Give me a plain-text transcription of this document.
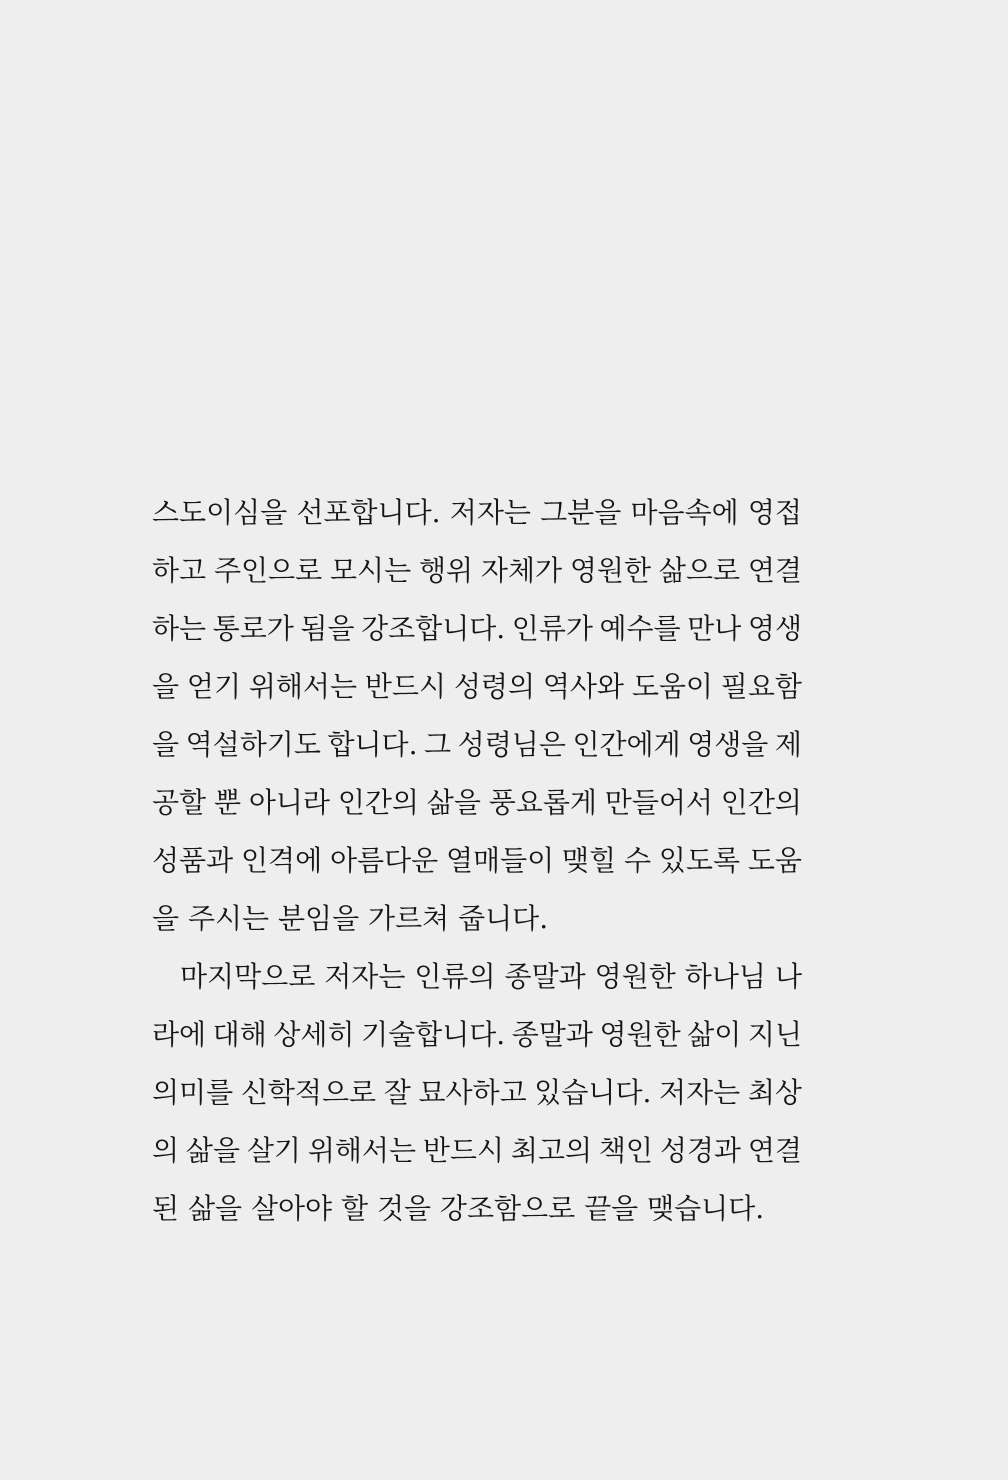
스도이심을 선포합니다. 저자는 그분을 마음속에 영접
하고 주인으로 모시는 행위 자체가 영원한 삶으로 연결
하는 통로가 됨을 강조합니다. 인류가 예수를 만나 영생
을 얻기 위해서는 반드시 성령의 역사와 도움이 필요함
을 역설하기도 합니다. 그 성령님은 인간에게 영생을 제
공할 뿐 아니라 인간의 삶을 풍요롭게 만들어서 인간의
성품과 인격에 아름다운 열매들이 맺힐 수 있도록 도움
을 주시는 분임을 가르쳐 줍니다.
마지막으로 저자는 인류의 종말과 영원한 하나님 나
라에 대해 상세히 기술합니다. 종말과 영원한 삶이 지닌
의미를 신학적으로 잘 묘사하고 있습니다. 저자는 최상
의 삶을 살기 위해서는 반드시 최고의 책인 성경과 연결
된 삶을 살아야 할 것을 강조함으로 끝을 맺습니다.
